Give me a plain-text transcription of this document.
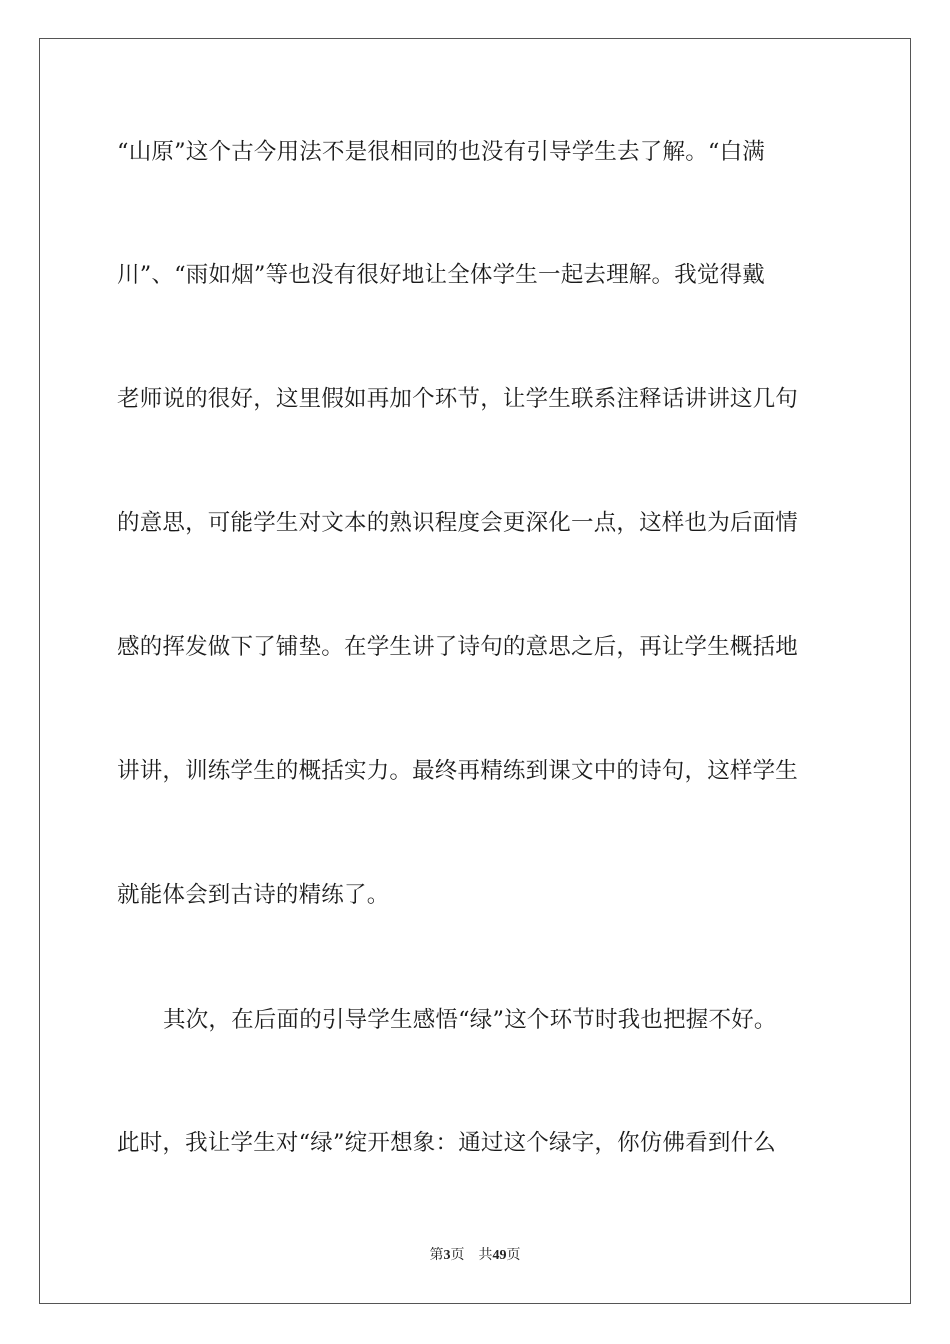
“山原”这个古今用法不是很相同的也没有引导学生去了解。“白满
川”、“雨如烟”等也没有很好地让全体学生一起去理解。我觉得戴
老师说的很好，这里假如再加个环节，让学生联系注释话讲讲这几句
的意思，可能学生对文本的熟识程度会更深化一点，这样也为后面情
感的挥发做下了铺垫。在学生讲了诗句的意思之后，再让学生概括地
讲讲，训练学生的概括实力。最终再精练到课文中的诗句，这样学生
就能体会到古诗的精练了。
其次，在后面的引导学生感悟“绿”这个环节时我也把握不好。
此时，我让学生对“绿”绽开想象：通过这个绿字，你仿佛看到什么
第3页 共49页
